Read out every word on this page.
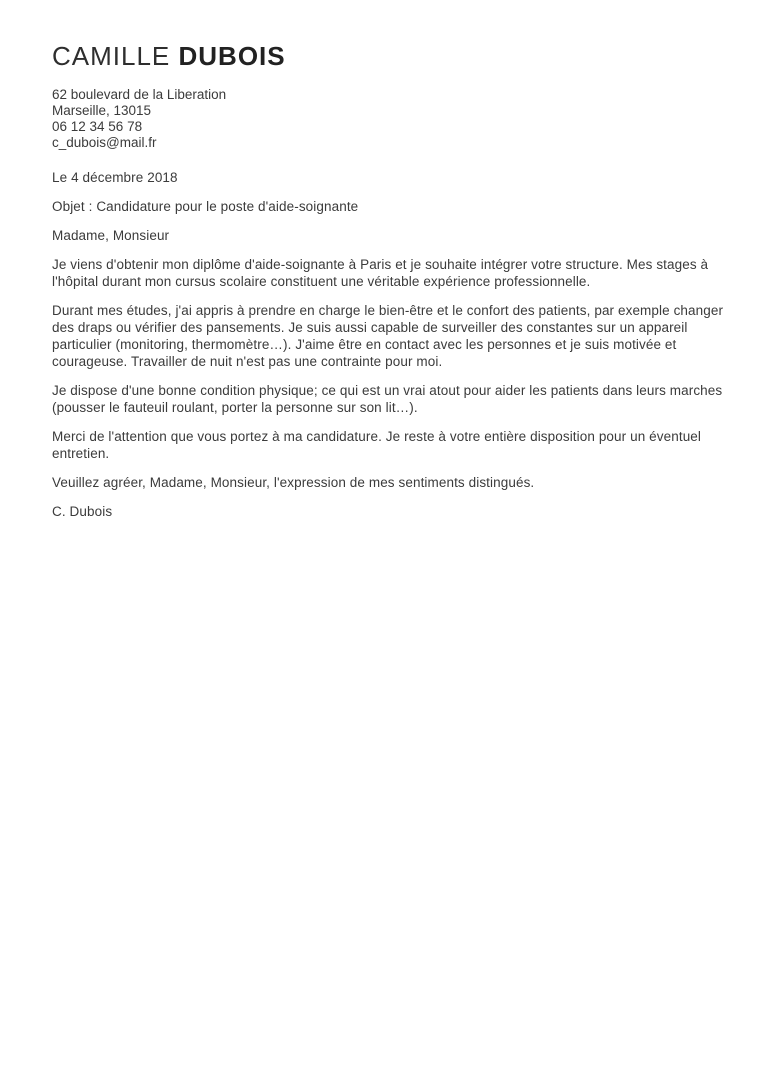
CAMILLE DUBOIS
62 boulevard de la Liberation
Marseille, 13015
06 12 34 56 78
c_dubois@mail.fr

Le 4 décembre 2018

Objet : Candidature pour le poste d'aide-soignante

Madame, Monsieur

Je viens d'obtenir mon diplôme d'aide-soignante à Paris et je souhaite intégrer votre structure. Mes stages à l'hôpital durant mon cursus scolaire constituent une véritable expérience professionnelle.

Durant mes études, j'ai appris à prendre en charge le bien-être et le confort des patients, par exemple changer des draps ou vérifier des pansements. Je suis aussi capable de surveiller des constantes sur un appareil particulier (monitoring, thermomètre…). J'aime être en contact avec les personnes et je suis motivée et courageuse. Travailler de nuit n'est pas une contrainte pour moi.

Je dispose d'une bonne condition physique; ce qui est un vrai atout pour aider les patients dans leurs marches (pousser le fauteuil roulant, porter la personne sur son lit…).

Merci de l'attention que vous portez à ma candidature. Je reste à votre entière disposition pour un éventuel entretien.

Veuillez agréer, Madame, Monsieur, l'expression de mes sentiments distingués.

C. Dubois
